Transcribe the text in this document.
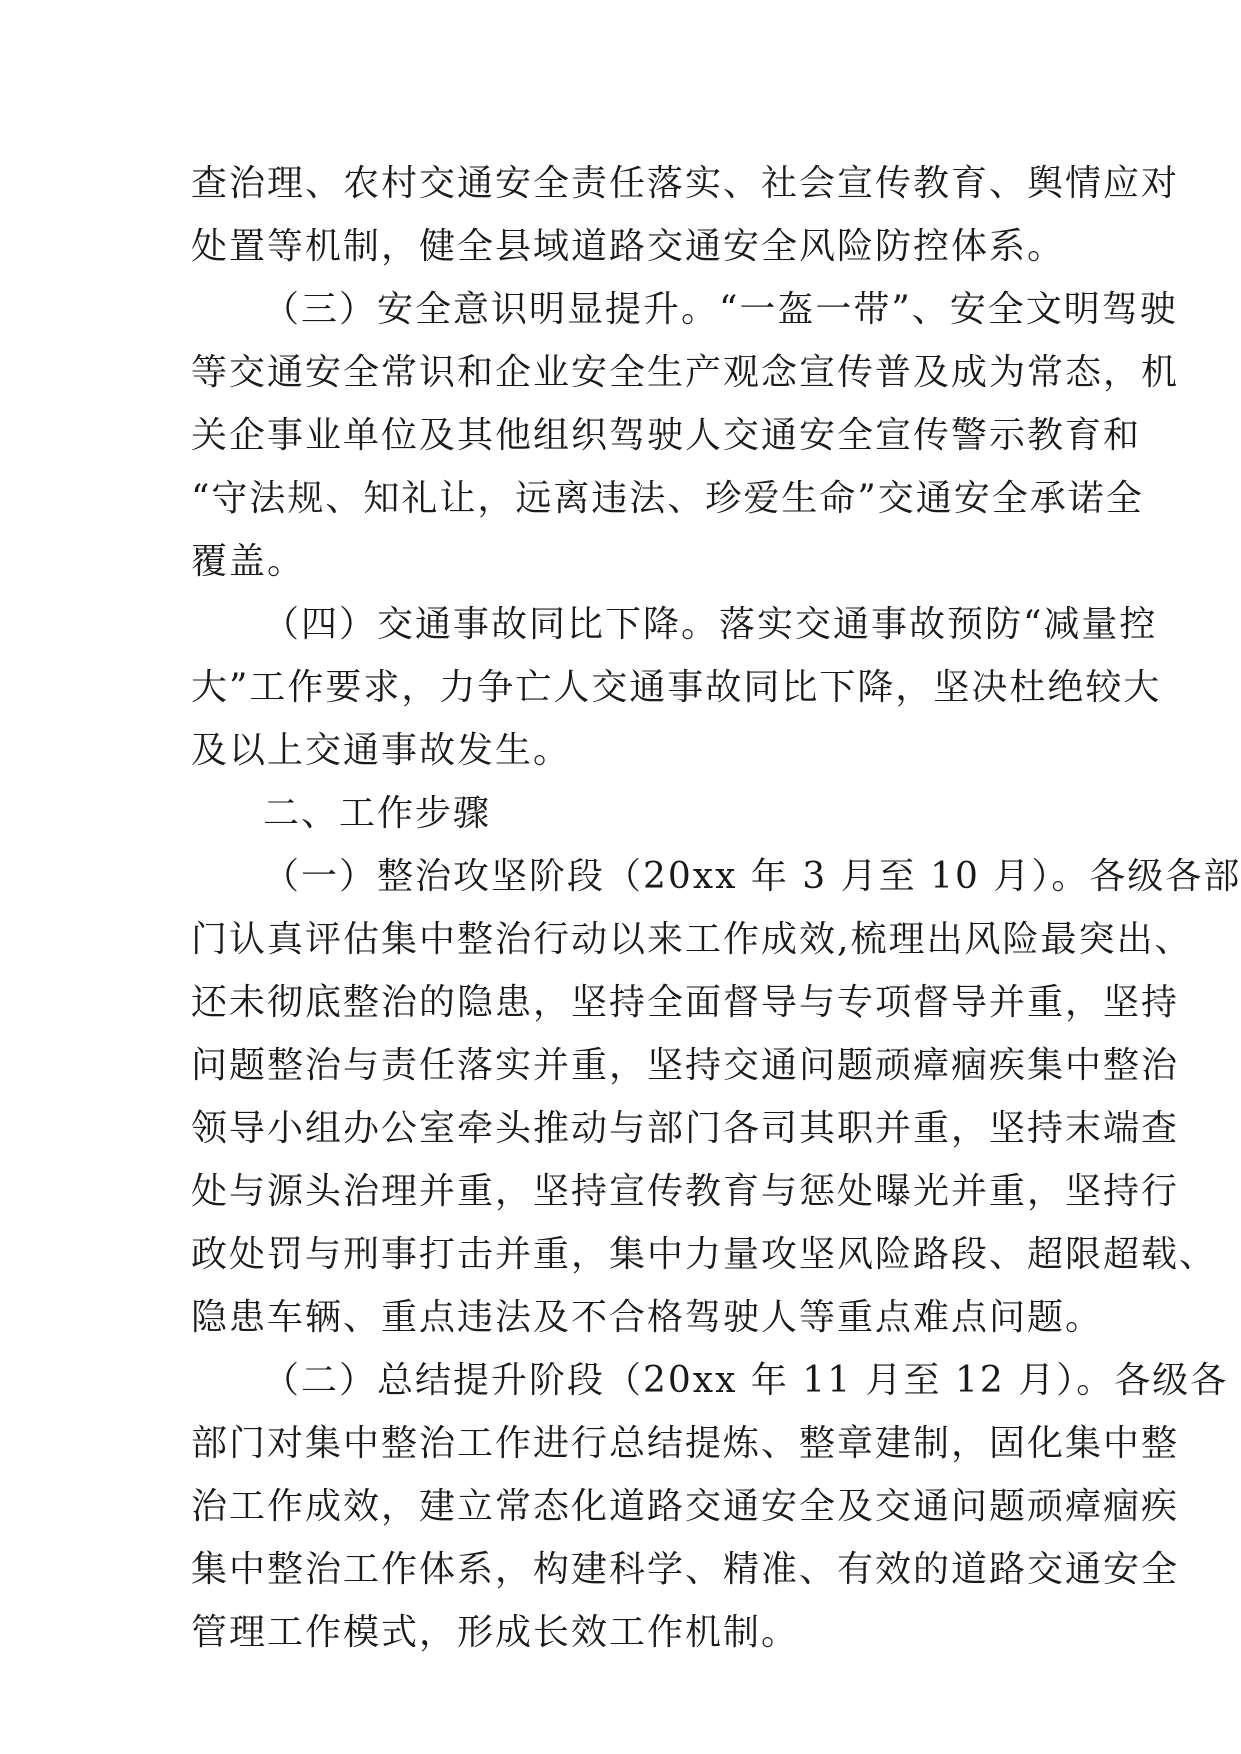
查治理、农村交通安全责任落实、社会宣传教育、舆情应对
处置等机制，健全县域道路交通安全风险防控体系。
（三）安全意识明显提升。“一盔一带”、安全文明驾驶
等交通安全常识和企业安全生产观念宣传普及成为常态，机
关企事业单位及其他组织驾驶人交通安全宣传警示教育和
“守法规、知礼让，远离违法、珍爱生命”交通安全承诺全
覆盖。
（四）交通事故同比下降。落实交通事故预防“减量控
大”工作要求，力争亡人交通事故同比下降，坚决杜绝较大
及以上交通事故发生。
二、工作步骤
（一）整治攻坚阶段（20xx 年 3 月至 10 月）。各级各部
门认真评估集中整治行动以来工作成效,梳理出风险最突出、
还未彻底整治的隐患，坚持全面督导与专项督导并重，坚持
问题整治与责任落实并重，坚持交通问题顽瘴痼疾集中整治
领导小组办公室牵头推动与部门各司其职并重，坚持末端查
处与源头治理并重，坚持宣传教育与惩处曝光并重，坚持行
政处罚与刑事打击并重，集中力量攻坚风险路段、超限超载、
隐患车辆、重点违法及不合格驾驶人等重点难点问题。
（二）总结提升阶段（20xx 年 11 月至 12 月）。各级各
部门对集中整治工作进行总结提炼、整章建制，固化集中整
治工作成效，建立常态化道路交通安全及交通问题顽瘴痼疾
集中整治工作体系，构建科学、精准、有效的道路交通安全
管理工作模式，形成长效工作机制。
